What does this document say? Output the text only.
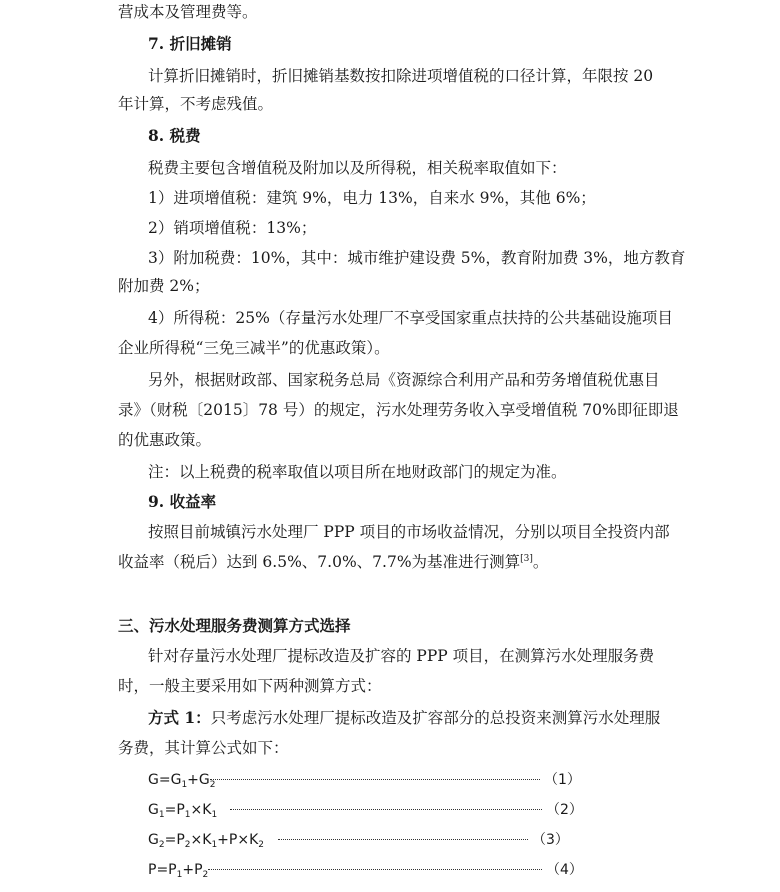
营成本及管理费等。
7. 折旧摊销
计算折旧摊销时，折旧摊销基数按扣除进项增值税的口径计算，年限按 20
年计算，不考虑残值。
8. 税费
税费主要包含增值税及附加以及所得税，相关税率取值如下：
1）进项增值税：建筑 9%，电力 13%，自来水 9%，其他 6%；
2）销项增值税：13%；
3）附加税费：10%，其中：城市维护建设费 5%，教育附加费 3%，地方教育
附加费 2%；
4）所得税：25%（存量污水处理厂不享受国家重点扶持的公共基础设施项目
企业所得税“三免三减半”的优惠政策）。
另外，根据财政部、国家税务总局《资源综合利用产品和劳务增值税优惠目
录》（财税〔2015〕78 号）的规定，污水处理劳务收入享受增值税 70%即征即退
的优惠政策。
注：以上税费的税率取值以项目所在地财政部门的规定为准。
9. 收益率
按照目前城镇污水处理厂 PPP 项目的市场收益情况，分别以项目全投资内部
收益率（税后）达到 6.5%、7.0%、7.7%为基准进行测算[3]。
三、污水处理服务费测算方式选择
针对存量污水处理厂提标改造及扩容的 PPP 项目，在测算污水处理服务费
时，一般主要采用如下两种测算方式：
方式 1：只考虑污水处理厂提标改造及扩容部分的总投资来测算污水处理服
务费，其计算公式如下：
$G=G_1+G_2$	（1）
$G_1=P_1\times K_1$	（2）
$G_2=P_2\times K_1+P\times K_2$	（3）
$P=P_1+P_2$	（4）
